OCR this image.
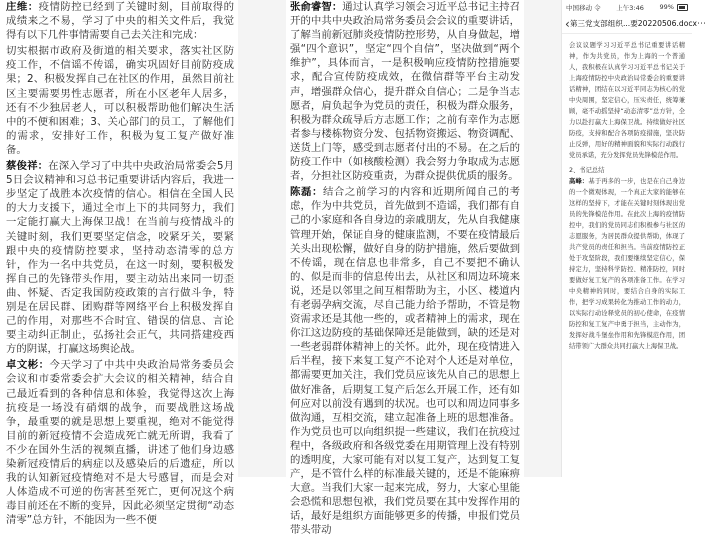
庄维：疫情防控已经到了关键时刻，目前取得的成绩来之不易，学习了中央的相关文件后，我觉得有以下几件事情需要自己去关注和完成：

切实根据市政府及街道的相关要求，落实社区防疫工作，不信谣不传谣，确实巩固好目前防疫成果；2、积极发挥自己在社区的作用，虽然目前社区主要需要男性志愿者，所在小区老年人居多，还有不少独居老人，可以积极帮助他们解决生活中的不便和困难；3、关心部门的员工，了解他们的需求，安排好工作，积极为复工复产做好准备。

蔡俊祥：在深入学习了中共中央政治局常委会5月5日会议精神和习总书记重要讲话内容后，我进一步坚定了战胜本次疫情的信心。相信在全国人民的大力支援下，通过全市上下的共同努力，我们一定能打赢大上海保卫战！在当前与疫情战斗的关键时刻，我们更要坚定信念，咬紧牙关，要紧跟中央的疫情防控要求，坚持动态清零的总方针，作为一名中共党员，在这一时刻，要积极发挥自己的先锋带头作用，要主动站出来同一切歪曲、怀疑、否定我国防疫政策的言行做斗争，特别是在居民群、团购群等网络平台上积极发挥自己的作用，对那些不合时宜、错误的信息、言论要主动纠正制止，弘扬社会正气，共同搭建疫西方的阴谋，打赢这场舆论战。

卓文彬：今天学习了中共中央政治局常务委员会会议和市委常委会扩大会议的相关精神，结合自己最近看到的各种信息和体验，我觉得这次上海抗疫是一场没有硝烟的战争，而要战胜这场战争，最重要的就是思想上要重视，绝对不能觉得目前的新冠疫情不会造成死亡就无所谓，我看了不少在国外生活的视频直播，讲述了他们身边感染新冠疫情后的病症以及感染后的后遗症，所以我的认知新冠疫情绝对不是大号感冒，而是会对人体造成不可逆的伤害甚至死亡，更何况这个病毒目前还在不断的变异，因此必须坚定贯彻“动态清零”总方针，不能因为一些不便

张俞睿智：通过认真学习领会习近平总书记主持召开的中共中央政治局常务委员会会议的重要讲话，了解当前新冠肺炎疫情防控形势，从自身做起，增强“四个意识”，坚定“四个自信”，坚决做到“两个维护”，具体而言，一是积极响应疫情防控措施要求，配合宣传防疫成效，在微信群等平台主动发声，增强群众信心，提升群众自信心；二是争当志愿者，肩负起争为党员的责任，积极为群众服务，积极为群众疏导后方志愿工作；之前有幸作为志愿者参与楼栋物资分发、包括物资搬运、物资调配、送货上门等，感受到志愿者付出的不易。在之后的防疫工作中（如核酸检测）我会努力争取成为志愿者，分担社区防疫重责，为群众提供优质的服务。

陈磊：结合之前学习的内容和近期所闻自己的考虑，作为中共党员，首先做到不造谣，我们都有自己的小家庭和各自身边的亲戚朋友，先从自我健康管理开始，保证自身的健康监测，不要在疫情最后关头出现松懈，做好自身的防护措施，然后要做到不传谣，现在信息也非常多，自己不要把不确认的、似是而非的信息传出去，从社区和周边环境来说，还是以邻里之间互相帮助为主，小区、楼道内有老弱孕病交流，尽自己能力给予帮助，不管是物资需求还是其他一些的，或者精神上的需求，现在你江这边防疫的基础保障还是能做到，缺的还是对一些老弱群体精神上的关怀。此外，现在疫情进入后半程，接下来复工复产不论对个人还是对单位，都需要更加关注，我们党员应该先从自己的思想上做好准备，后期复工复产后怎么开展工作，还有如何应对以前没有遇到的状况。也可以和周边同事多做沟通，互相交流，建立起准备上班的思想准备。作为党员也可以向组织提一些建议，我们在抗疫过程中，各级政府和各级党委在用期管理上没有特别的透明度，大家可能有对以复工复产，达到复工复产，是不管什么样的标准最关键的，还是不能麻痹大意。当我们大家一起来完成，努力，大家心里能会恐慌和思想包袱，我们党员要在其中发挥作用的话，最好是组织方面能够更多的传播，申报们党员带头带动

中国移动 令 上午3:46 99%
‹ 第三党支部组织...要20220506.docx ⋯

会议议题学习习近平总书记重要讲话精神，作为共党员，作为上海的一个普通人，我积极在认真学习习近平总书记关于上海疫情防控中央政治局常委会的重要讲话精神，团结在以习近平同志为核心的党中央周围，坚定信心，压实责任，统筹兼顾，毫不动摇坚持“动态清零”总方针，全力以赴打赢大上海保卫战。持续做好社区防疫，支持和配合各项防疫措施，坚决防止反弹，用好的精神面貌和实际行动践行党员承诺，充分发挥党员先锋模范作用。

2、书记总结

高峰：基于再多的一步，也是在自己身边的一个微观体现，一个真正大家的能够在这样的坚持下，才能在关键时刻体现出党员的先锋模范作用。在此次上海的疫情防控中，我们的党员同志们积极参与社区的志愿服务，为居民群众提供帮助，体现了共产党员的责任和担当。当前疫情防控正处于攻坚阶段，我们要继续坚定信心，保持定力，坚持科学防控、精准防控，同时要做好复工复产的各项准备工作。在学习中央精神的同时，要结合自身的实际工作，把学习成果转化为推动工作的动力，以实际行动诠释党员的初心使命，在疫情防控和复工复产中勇于担当，主动作为，发挥好战斗堡垒作用和先锋模范作用，团结带领广大群众共同打赢大上海保卫战。
